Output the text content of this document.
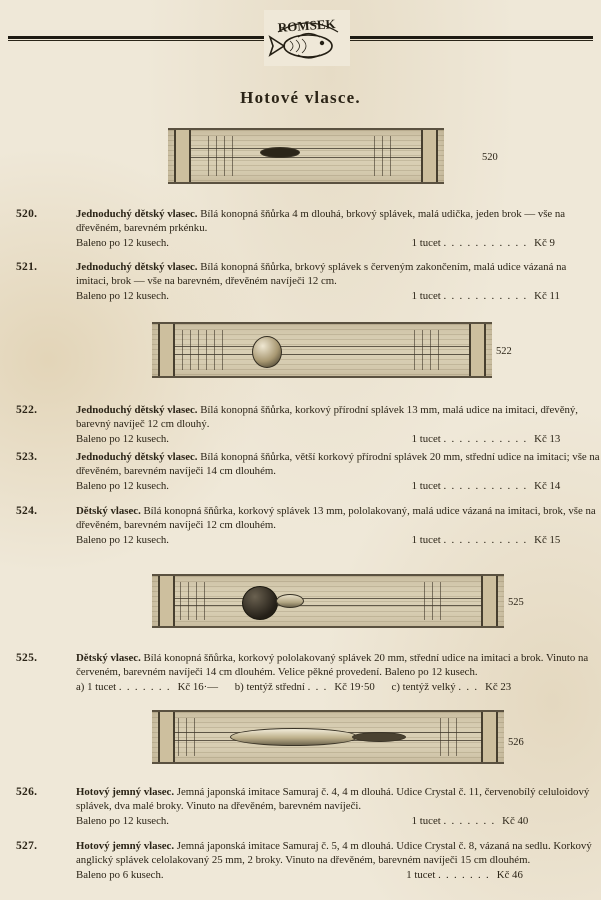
ROMSEK
Hotové vlasce.
520
520.	Jednoduchý dětský vlasec. Bílá konopná šňůrka 4 m dlouhá, brkový splávek, malá udička, jeden brok — vše na dřevěném, barevném prkénku.
Baleno po 12 kusech.	1 tucet . . . . . . . . . . . Kč 9
521.	Jednoduchý dětský vlasec. Bílá konopná šňůrka, brkový splávek s červeným zakončením, malá udice vázaná na imitaci, brok — vše na barevném, dřevěném navíječi 12 cm.
Baleno po 12 kusech.	1 tucet . . . . . . . . . . . Kč 11
522
522.	Jednoduchý dětský vlasec. Bílá konopná šňůrka, korkový přírodní splávek 13 mm, malá udice na imitaci, dřevěný, barevný navíječ 12 cm dlouhý.
Baleno po 12 kusech.	1 tucet . . . . . . . . . . . Kč 13
523.	Jednoduchý dětský vlasec. Bílá konopná šňůrka, větší korkový přírodní splávek 20 mm, střední udice na imitaci; vše na dřevěném, barevném navíječi 14 cm dlouhém.
Baleno po 12 kusech.	1 tucet . . . . . . . . . . . Kč 14
524.	Dětský vlasec. Bílá konopná šňůrka, korkový splávek 13 mm, pololakovaný, malá udice vázaná na imitaci, brok, vše na dřevěném, barevném navíječi 12 cm dlouhém.
Baleno po 12 kusech.	1 tucet . . . . . . . . . . . Kč 15
525
525.	Dětský vlasec. Bílá konopná šňůrka, korkový pololakovaný splávek 20 mm, střední udice na imitaci a brok. Vinuto na červeném, barevném navíječi 14 cm dlouhém. Velice pěkné provedení. Baleno po 12 kusech.
a) 1 tucet . . . . . . . Kč 16·— b) tentýž střední . . . Kč 19·50 c) tentýž velký . . . Kč 23
526
526.	Hotový jemný vlasec. Jemná japonská imitace Samuraj č. 4, 4 m dlouhá. Udice Crystal č. 11, červenobílý celuloidový splávek, dva malé broky. Vinuto na dřevěném, barevném navíječi.
Baleno po 12 kusech.	1 tucet . . . . . . . Kč 40
527.	Hotový jemný vlasec. Jemná japonská imitace Samuraj č. 5, 4 m dlouhá. Udice Crystal č. 8, vázaná na sedlu. Korkový anglický splávek celolakovaný 25 mm, 2 broky. Vinuto na dřevěném, barevném navíječi 15 cm dlouhém.
Baleno po 6 kusech.	1 tucet . . . . . . . Kč 46
